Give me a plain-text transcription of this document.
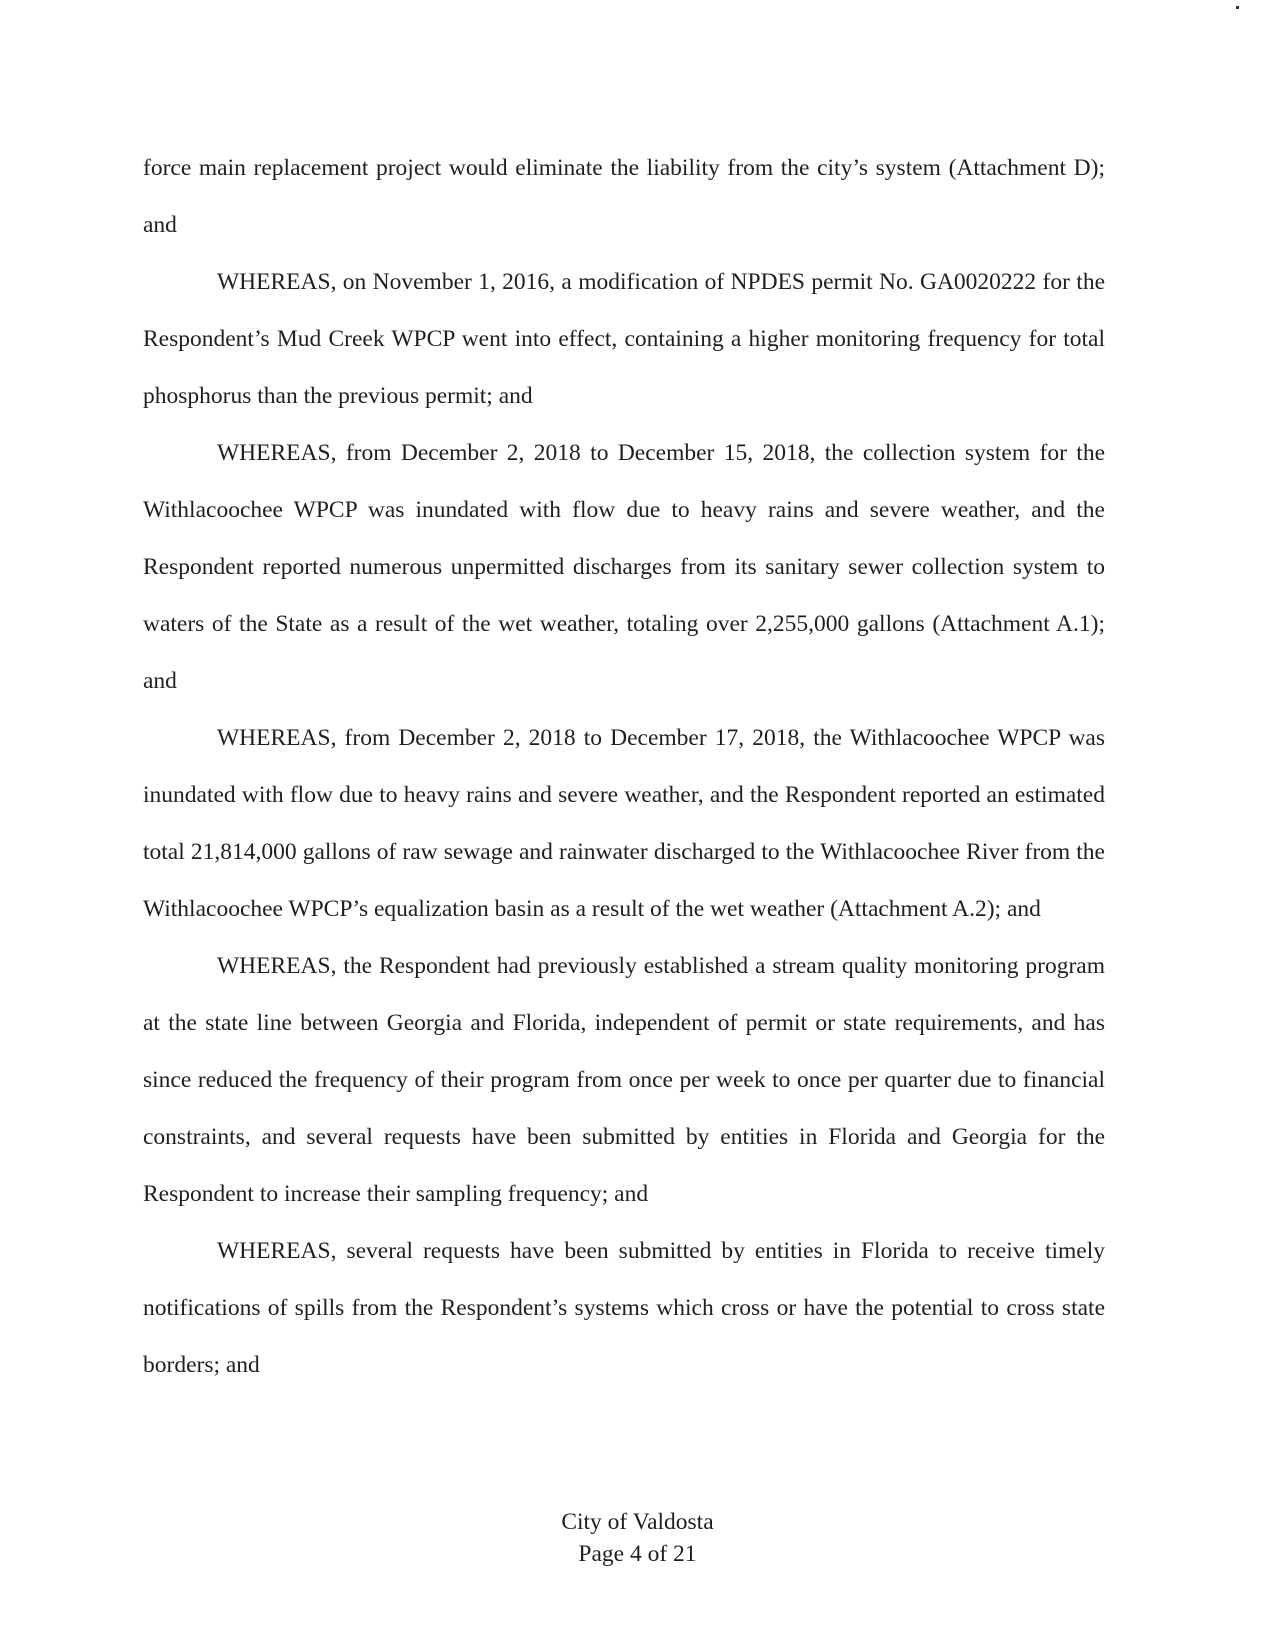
force main replacement project would eliminate the liability from the city’s system (Attachment D); and

WHEREAS, on November 1, 2016, a modification of NPDES permit No. GA0020222 for the Respondent’s Mud Creek WPCP went into effect, containing a higher monitoring frequency for total phosphorus than the previous permit; and

WHEREAS, from December 2, 2018 to December 15, 2018, the collection system for the Withlacoochee WPCP was inundated with flow due to heavy rains and severe weather, and the Respondent reported numerous unpermitted discharges from its sanitary sewer collection system to waters of the State as a result of the wet weather, totaling over 2,255,000 gallons (Attachment A.1); and

WHEREAS, from December 2, 2018 to December 17, 2018, the Withlacoochee WPCP was inundated with flow due to heavy rains and severe weather, and the Respondent reported an estimated total 21,814,000 gallons of raw sewage and rainwater discharged to the Withlacoochee River from the Withlacoochee WPCP’s equalization basin as a result of the wet weather (Attachment A.2); and

WHEREAS, the Respondent had previously established a stream quality monitoring program at the state line between Georgia and Florida, independent of permit or state requirements, and has since reduced the frequency of their program from once per week to once per quarter due to financial constraints, and several requests have been submitted by entities in Florida and Georgia for the Respondent to increase their sampling frequency; and

WHEREAS, several requests have been submitted by entities in Florida to receive timely notifications of spills from the Respondent’s systems which cross or have the potential to cross state borders; and

City of Valdosta
Page 4 of 21
